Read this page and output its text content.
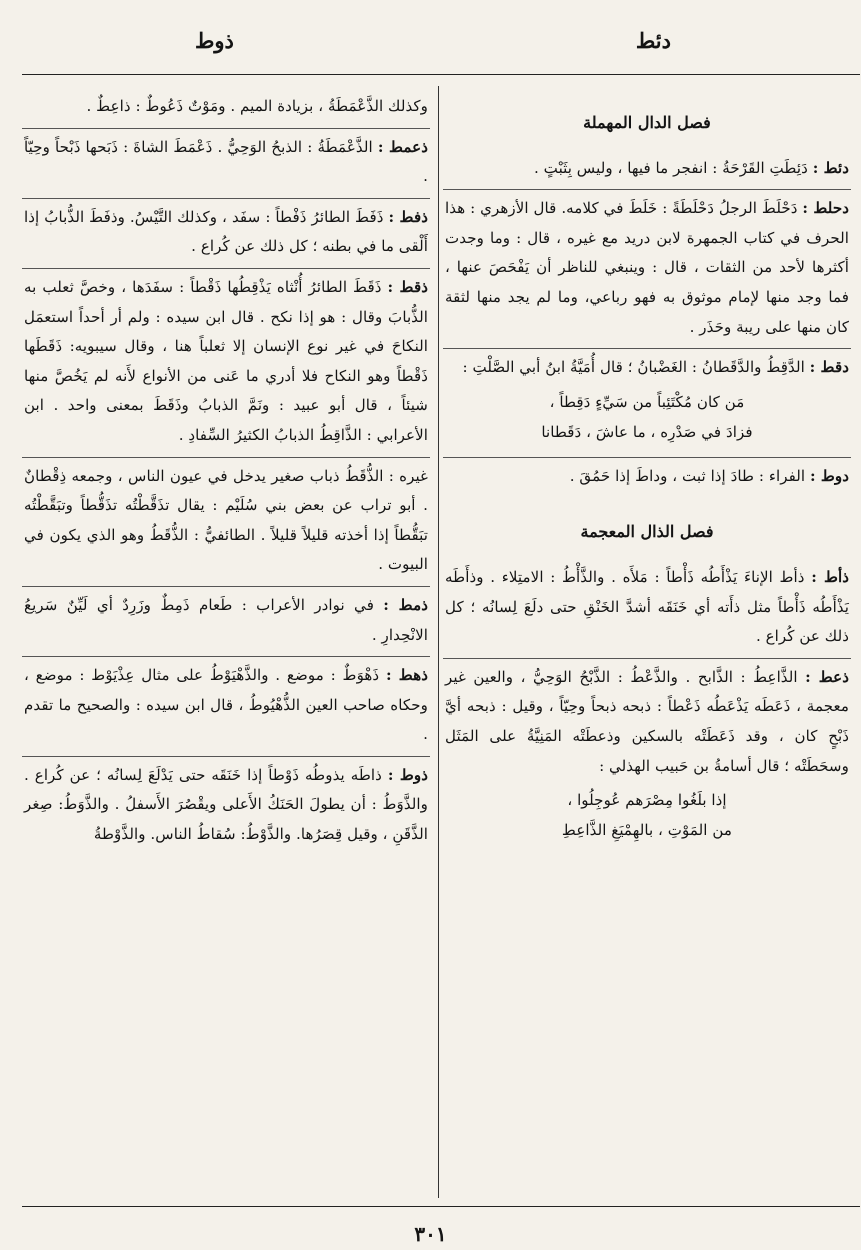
دئط
ذوط
فصل الدال المهملة
دئط : دَئِطَتِ القَرْحَةُ : انفجر ما فيها ، وليس بِثَبْتٍ .
دحلط : دَحْلَطَ الرجلُ دَحْلَطَةً : خَلَطَ في كلامه. قال الأزهري : هذا الحرف في كتاب الجمهرة لابن دريد مع غيره ، قال : وما وجدت أكثرها لأحد من الثقات ، قال : وينبغي للناظر أن يَفْحَصَ عنها ، فما وجد منها لإمام موثوق به فهو رباعي، وما لم يجد منها لثقة كان منها على ريبة وحَذَر .
دقط : الدَّقِطُ والدَّقَطانُ : الغَضْبانُ ؛ قال أُمَيَّةُ ابنُ أبي الصَّلْتِ :
مَن كان مُكْتَئِباً من سَيِّءٍ دَقِطاً ،
فزادَ في صَدْرِه ، ما عاشَ ، دَقَطانا
دوط : الفراء : طادَ إذا ثبت ، وداطَ إذا حَمُقَ .
فصل الذال المعجمة
ذأط : ذأط الإناءَ يَذْأَطُه ذَأْطاً : مَلأَه . والذَّأْطُ : الامتِلاء . وذأَطَه يَذْأَطُه ذَأْطاً مثل ذأَته أي خَنَقَه أشدَّ الخَنْقِ حتى دلَعَ لِسانُه ؛ كل ذلك عن كُراع .
ذعط : الذَّاعِطُ : الذَّابح . والذَّعْطُ : الذَّبْحُ الوَحِيُّ ، والعين غير معجمة ، ذَعَطَه يَذْعَطُه ذَعْطاً : ذبحه ذبحاً وحِيّاً ، وقيل : ذبحه أيَّ ذَبْحٍ كان ، وقد ذَعَطَتْه بالسكين وذعطَتْه المَنِيَّةُ على المَثَل وسحَطَتْه ؛ قال أسامةُ بن حَبيب الهذلي :
إذا بلَغُوا مِصْرَهم عُوجِلُوا ،
من المَوْتِ ، بالهِمْيَغِ الذَّاعِطِ
وكذلك الذَّعْمَطَةُ ، بزيادة الميم . ومَوْتٌ ذَعُوطٌ : ذاعِطٌ .
ذعمط : الذَّعْمَطَةُ : الذبحُ الوَحِيُّ . ذَعْمَطَ الشاةَ : ذَبَحها ذَبْحاً وحِيّاً .
ذفط : ذَفَطَ الطائرُ ذَفْطاً : سفَد ، وكذلك التَّيْسُ. وذفَطَ الذُّبابُ إذا أَلْقى ما في بطنه ؛ كل ذلك عن كُراع .
ذقط : ذَقَطَ الطائرُ أُنْثاه يَذْقِطُها ذَقْطاً : سفَدَها ، وخصَّ ثعلب به الذُّبابَ وقال : هو إذا نكح . قال ابن سيده : ولم أر أحداً استعمَل النكاحَ في غير نوع الإنسان إلا ثعلباً هنا ، وقال سيبويه: ذَقَطَها ذَقْطاً وهو النكاح فلا أدري ما عَنى من الأنواع لأَنه لم يَخُصَّ منها شيئاً ، قال أبو عبيد : ونَمَّ الذبابُ وذَقَطَ بمعنى واحد . ابن الأعرابي : الذَّاقِطُ الذبابُ الكثيرُ السِّفادِ .
غيره : الذُّقَطُ ذباب صغير يدخل في عيون الناس ، وجمعه ذِقْطانٌ . أبو تراب عن بعض بني سُلَيْم : يقال تذَقَّطْتُه تذَقُّطاً وتبَقَّطْتُه تبَقُّطاً إذا أخذته قليلاً قليلاً . الطائفيُّ : الذُّقَطُ وهو الذي يكون في البيوت .
ذمط : في نوادر الأعراب : طَعام ذَمِطٌ وزَرِدٌ أي لَيِّنٌ سَريعُ الانْحِدارِ .
ذهط : ذَهْوَطٌ : موضع . والذَّهْيَوْطُ على مثال عِذْيَوْط : موضع ، وحكاه صاحب العين الذُّهْيُوطُ ، قال ابن سيده : والصحيح ما تقدم .
ذوط : ذاطَه يذوطُه ذَوْطاً إذا خَنَقَه حتى يَدْلَعَ لِسانُه ؛ عن كُراع . والذَّوَطُ : أن يطولَ الحَنَكُ الأَعلى ويقْصُرَ الأَسفلُ . والذَّوَطُ: صِغر الذَّقَنِ ، وقيل قِصَرُها. والذَّوْطُ: سُقاطُ الناس. والذَّوْطةُ
٣٠١
